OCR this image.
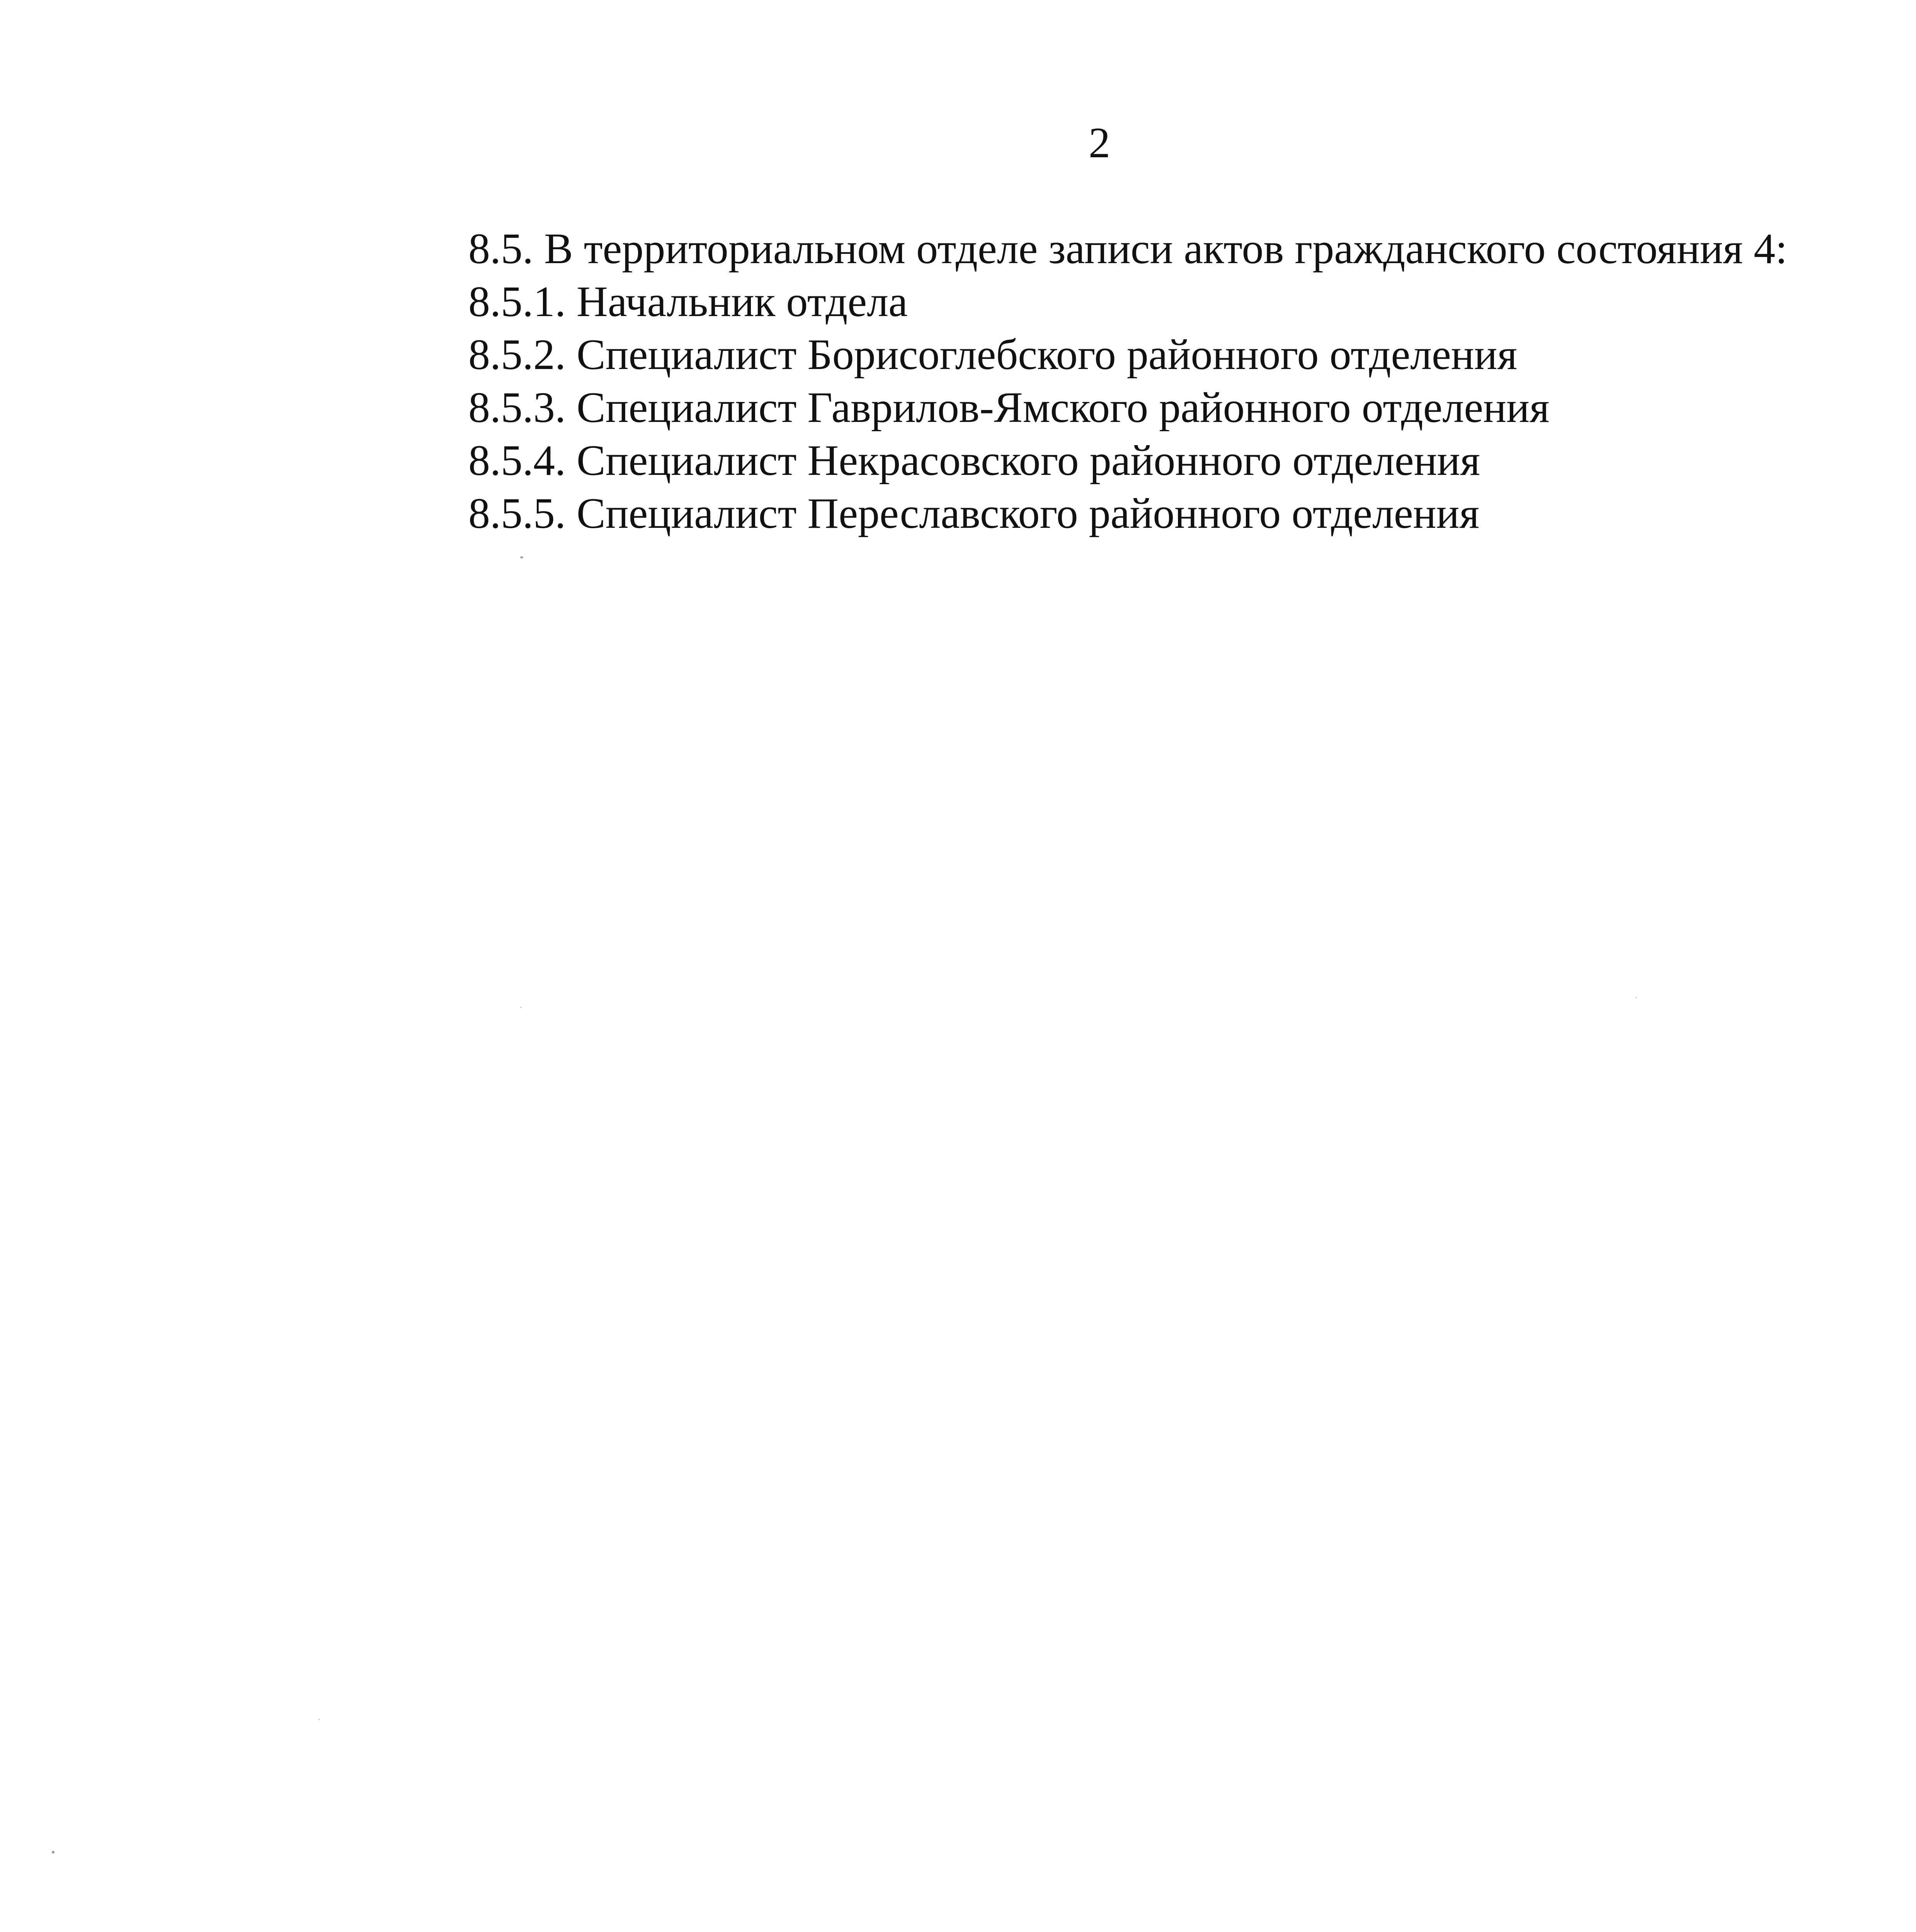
2
8.5. В территориальном отделе записи актов гражданского состояния 4:
8.5.1. Начальник отдела
8.5.2. Специалист Борисоглебского районного отделения
8.5.3. Специалист Гаврилов-Ямского районного отделения
8.5.4. Специалист Некрасовского районного отделения
8.5.5. Специалист Переславского районного отделения
